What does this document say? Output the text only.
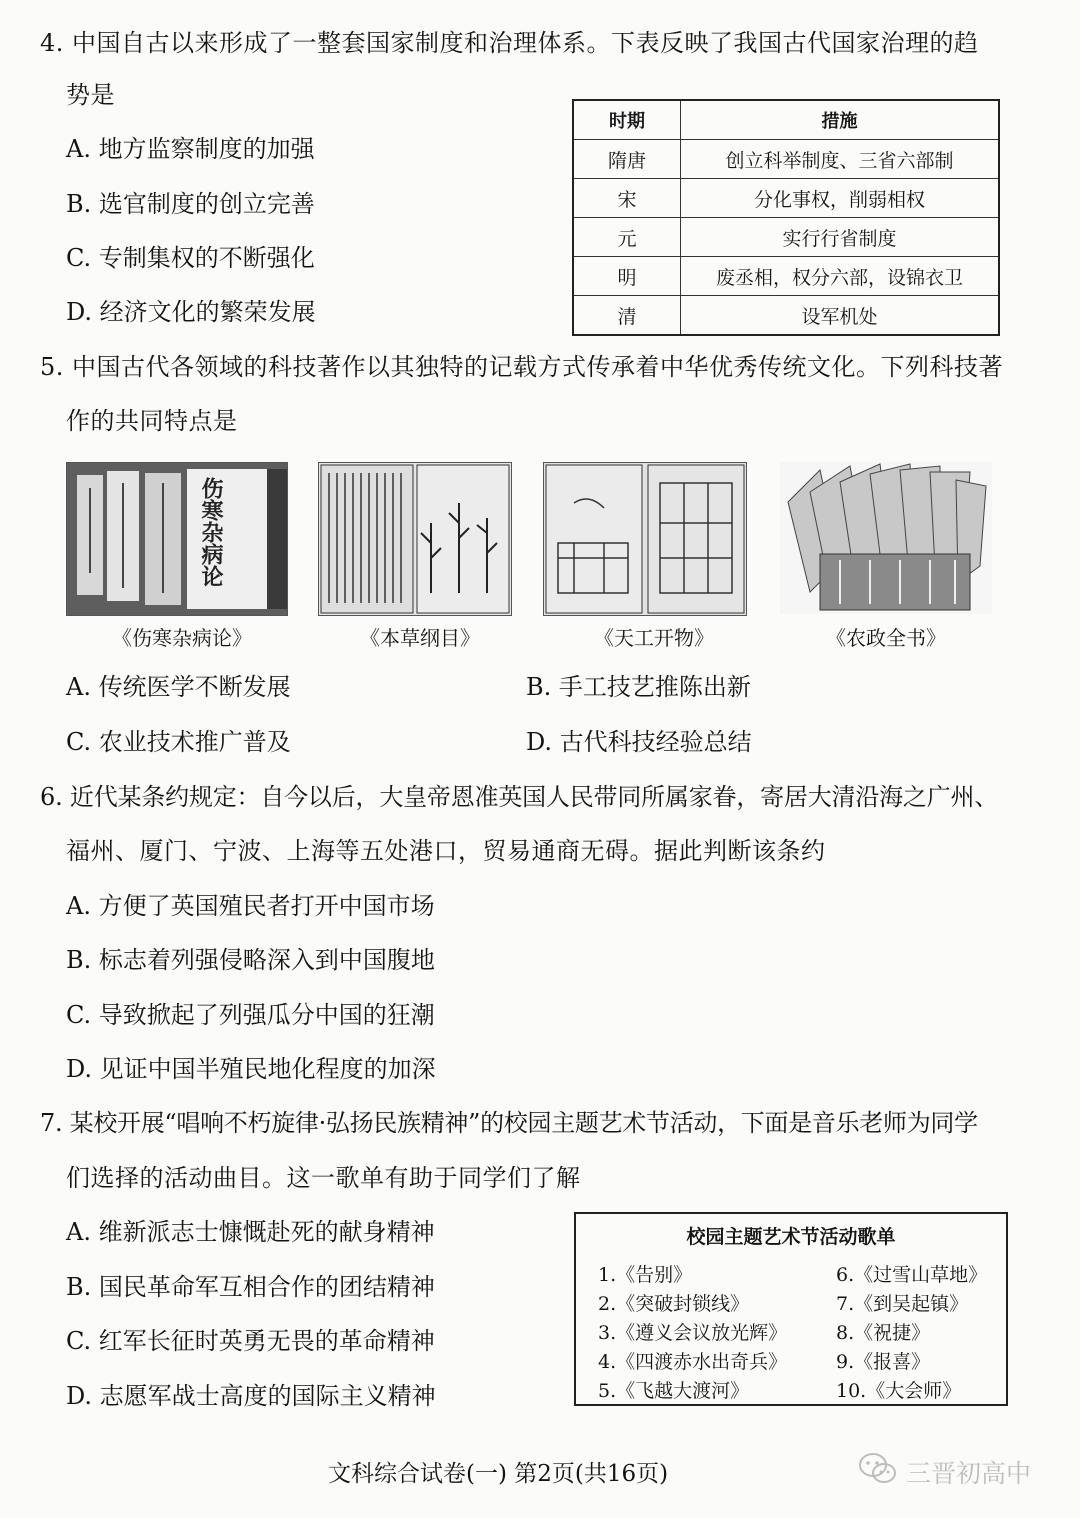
4. 中国自古以来形成了一整套国家制度和治理体系。下表反映了我国古代国家治理的趋
势是
A. 地方监察制度的加强
B. 选官制度的创立完善
C. 专制集权的不断强化
D. 经济文化的繁荣发展
时期	措施
隋唐	创立科举制度、三省六部制
宋	分化事权，削弱相权
元	实行行省制度
明	废丞相，权分六部，设锦衣卫
清	设军机处
5. 中国古代各领域的科技著作以其独特的记载方式传承着中华优秀传统文化。下列科技著
作的共同特点是
伤寒杂病论
《伤寒杂病论》	《本草纲目》	《天工开物》	《农政全书》
A. 传统医学不断发展	B. 手工技艺推陈出新
C. 农业技术推广普及	D. 古代科技经验总结
6. 近代某条约规定：自今以后，大皇帝恩准英国人民带同所属家眷，寄居大清沿海之广州、
福州、厦门、宁波、上海等五处港口，贸易通商无碍。据此判断该条约
A. 方便了英国殖民者打开中国市场
B. 标志着列强侵略深入到中国腹地
C. 导致掀起了列强瓜分中国的狂潮
D. 见证中国半殖民地化程度的加深
7. 某校开展“唱响不朽旋律·弘扬民族精神”的校园主题艺术节活动，下面是音乐老师为同学
们选择的活动曲目。这一歌单有助于同学们了解
A. 维新派志士慷慨赴死的献身精神
B. 国民革命军互相合作的团结精神
C. 红军长征时英勇无畏的革命精神
D. 志愿军战士高度的国际主义精神
校园主题艺术节活动歌单
1.《告别》
2.《突破封锁线》
3.《遵义会议放光辉》
4.《四渡赤水出奇兵》
5.《飞越大渡河》
6.《过雪山草地》
7.《到吴起镇》
8.《祝捷》
9.《报喜》
10.《大会师》
文科综合试卷(一) 第2页(共16页)	三晋初高中
